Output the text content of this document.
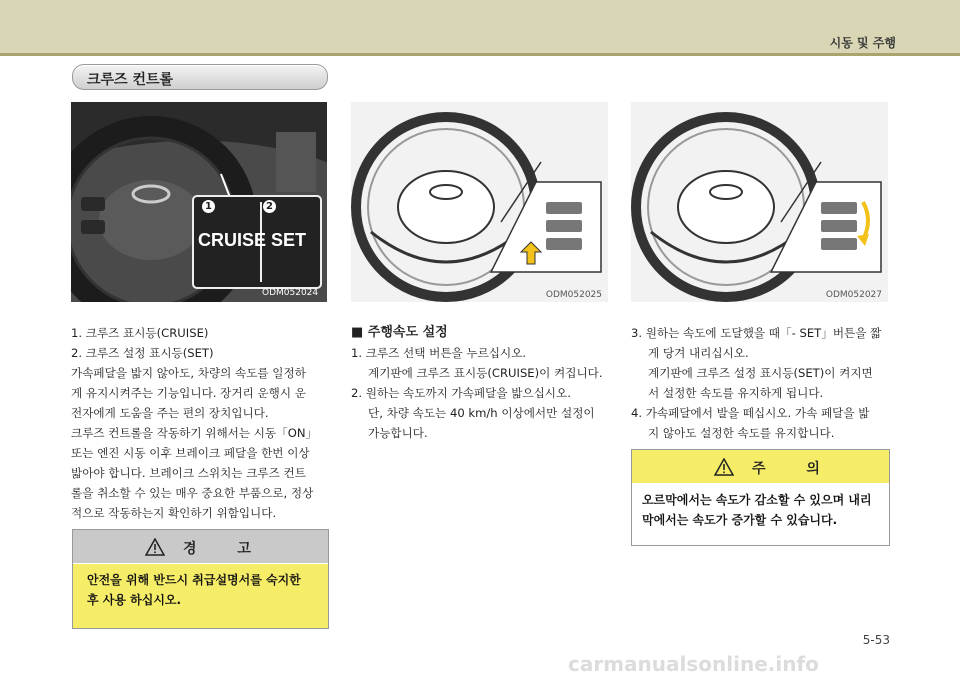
시동 및 주행
크루즈 컨트롤
1	2
CRUISE SET
ODM052024	ODM052025	ODM052027

1. 크루즈 표시등(CRUISE)

2. 크루즈 설정 표시등(SET)

가속페달을 밟지 않아도, 차량의 속도를 일정하

게 유지시켜주는 기능입니다. 장거리 운행시 운

전자에게 도움을 주는 편의 장치입니다.

크루즈 컨트롤을 작동하기 위해서는 시동「ON」

또는 엔진 시동 이후 브레이크 페달을 한번 이상

밟아야 합니다. 브레이크 스위치는 크루즈 컨트

롤을 취소할 수 있는 매우 중요한 부품으로, 정상

적으로 작동하는지 확인하기 위함입니다.

경 고
안전을 위해 반드시 취급설명서를 숙지한
후 사용 하십시오.

■ 주행속도 설정

1. 크루즈 선택 버튼을 누르십시오.

계기판에 크루즈 표시등(CRUISE)이 켜집니다.

2. 원하는 속도까지 가속페달을 밟으십시오.

단, 차량 속도는 40 km/h 이상에서만 설정이

가능합니다.

3. 원하는 속도에 도달했을 때「- SET」버튼을 짧

게 당겨 내리십시오.

계기판에 크루즈 설정 표시등(SET)이 켜지면

서 설정한 속도를 유지하게 됩니다.

4. 가속페달에서 발을 떼십시오. 가속 페달을 밟

지 않아도 설정한 속도를 유지합니다.

주 의
오르막에서는 속도가 감소할 수 있으며 내리
막에서는 속도가 증가할 수 있습니다.
5-53
carmanualsonline.info
